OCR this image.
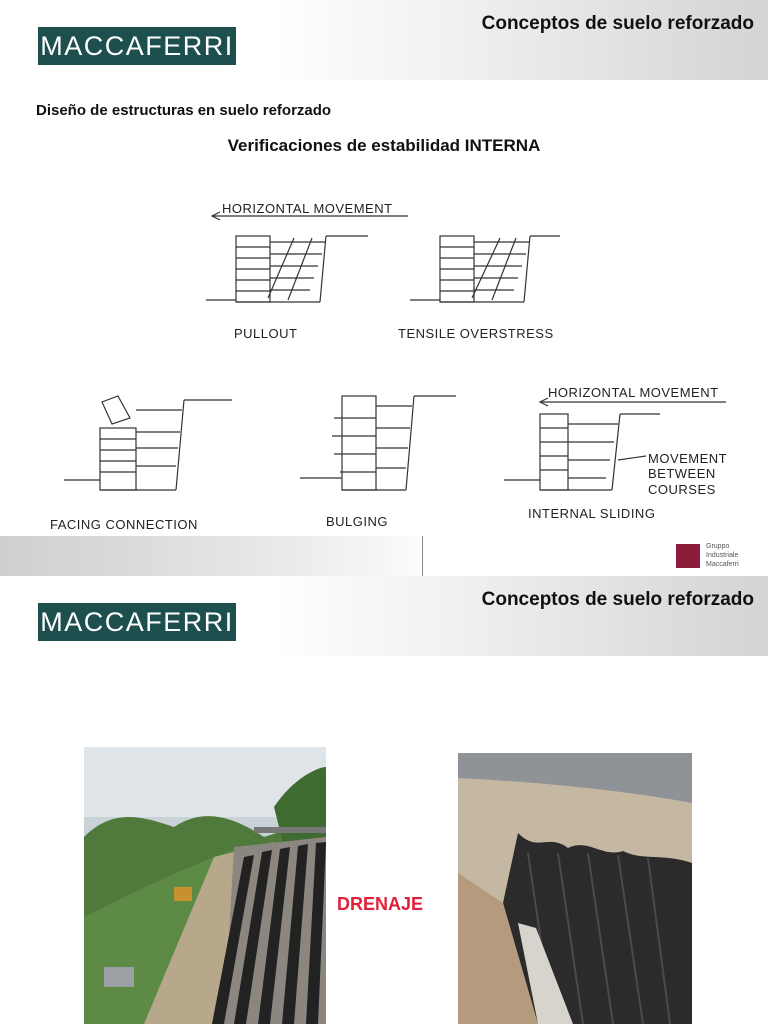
MACCAFERRI
Conceptos de suelo reforzado
Diseño de estructuras en suelo reforzado
Verificaciones de estabilidad INTERNA
HORIZONTAL MOVEMENT
PULLOUT	TENSILE OVERSTRESS
HORIZONTAL MOVEMENT
MOVEMENT
BETWEEN
COURSES
FACING CONNECTION	BULGING
INTERNAL SLIDING
Gruppo
Industriale
Maccaferri
MACCAFERRI
Conceptos de suelo reforzado
DRENAJE
